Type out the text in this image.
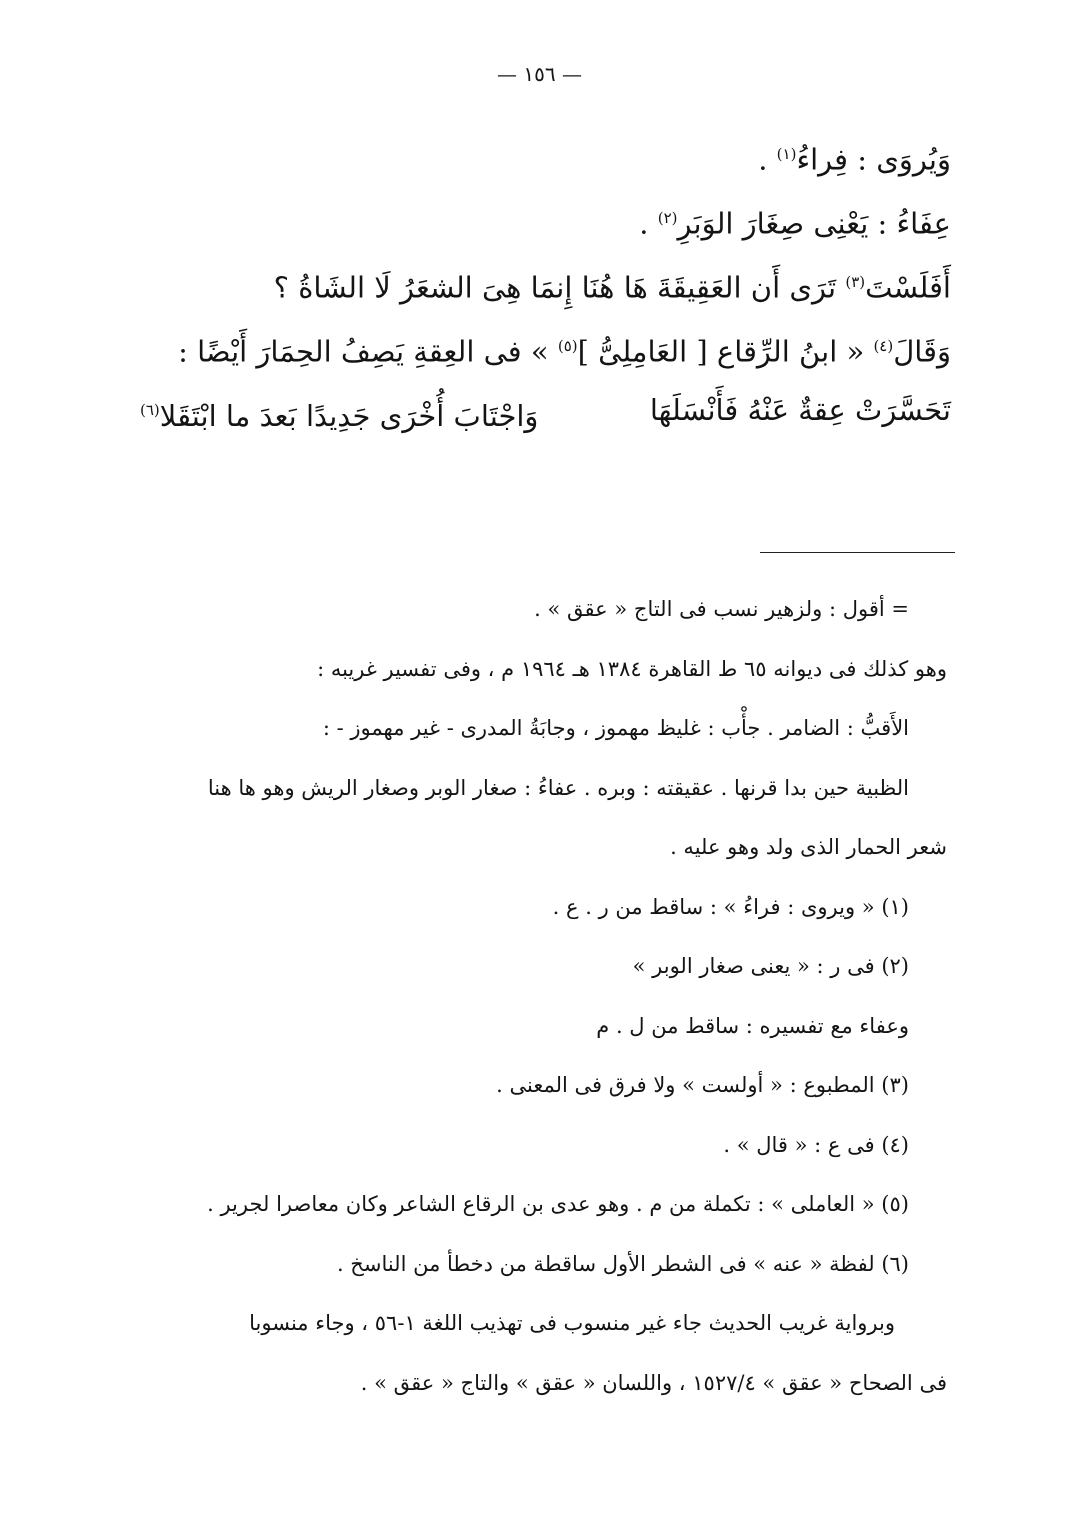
— ١٥٦ —
وَيُروَى : فِراءُ$^{(١)}$ .
عِفَاءُ : يَعْنِى صِغَارَ الوَبَرِ$^{(٢)}$ .
أَفَلَسْتَ$^{(٣)}$ تَرَى أَن العَقِيقَةَ هَا هُنَا إِنمَا هِىَ الشعَرُ لَا الشَاةُ ؟
وَقَالَ$^{(٤)}$ « ابنُ الرِّقاع [ العَامِلِىُّ ]$^{(٥)}$ » فى العِقةِ يَصِفُ الحِمَارَ أَيْضًا :
تَحَسَّرَتْ عِقةٌ عَنْهُ فَأَنْسَلَهَا
وَاجْتَابَ أُخْرَى جَدِيدًا بَعدَ ما ابْتَقَلا$^{(٦)}$
= أقول : ولزهير نسب فى التاج « عقق » .
وهو كذلك فى ديوانه ٦٥ ط القاهرة ١٣٨٤ هـ ١٩٦٤ م ، وفى تفسير غريبه :
الأَقبُّ : الضامر . جأْب : غليظ مهموز ، وجابَةُ المدرى - غير مهموز - :
الظبية حين بدا قرنها . عقيقته : وبره . عفاءُ : صغار الوبر وصغار الريش وهو ها هنا
شعر الحمار الذى ولد وهو عليه .
(١) « ويروى : فراءُ » : ساقط من ر . ع .
(٢) فى ر : « يعنى صغار الوبر »
وعفاء مع تفسيره : ساقط من ل . م
(٣) المطبوع : « أولست » ولا فرق فى المعنى .
(٤) فى ع : « قال » .
(٥) « العاملى » : تكملة من م . وهو عدى بن الرقاع الشاعر وكان معاصرا لجرير .
(٦) لفظة « عنه » فى الشطر الأول ساقطة من دخطأ من الناسخ .
وبرواية غريب الحديث جاء غير منسوب فى تهذيب اللغة ١-٥٦ ، وجاء منسوبا
فى الصحاح « عقق » ١٥٢٧/٤ ، واللسان « عقق » والتاج « عقق » .
